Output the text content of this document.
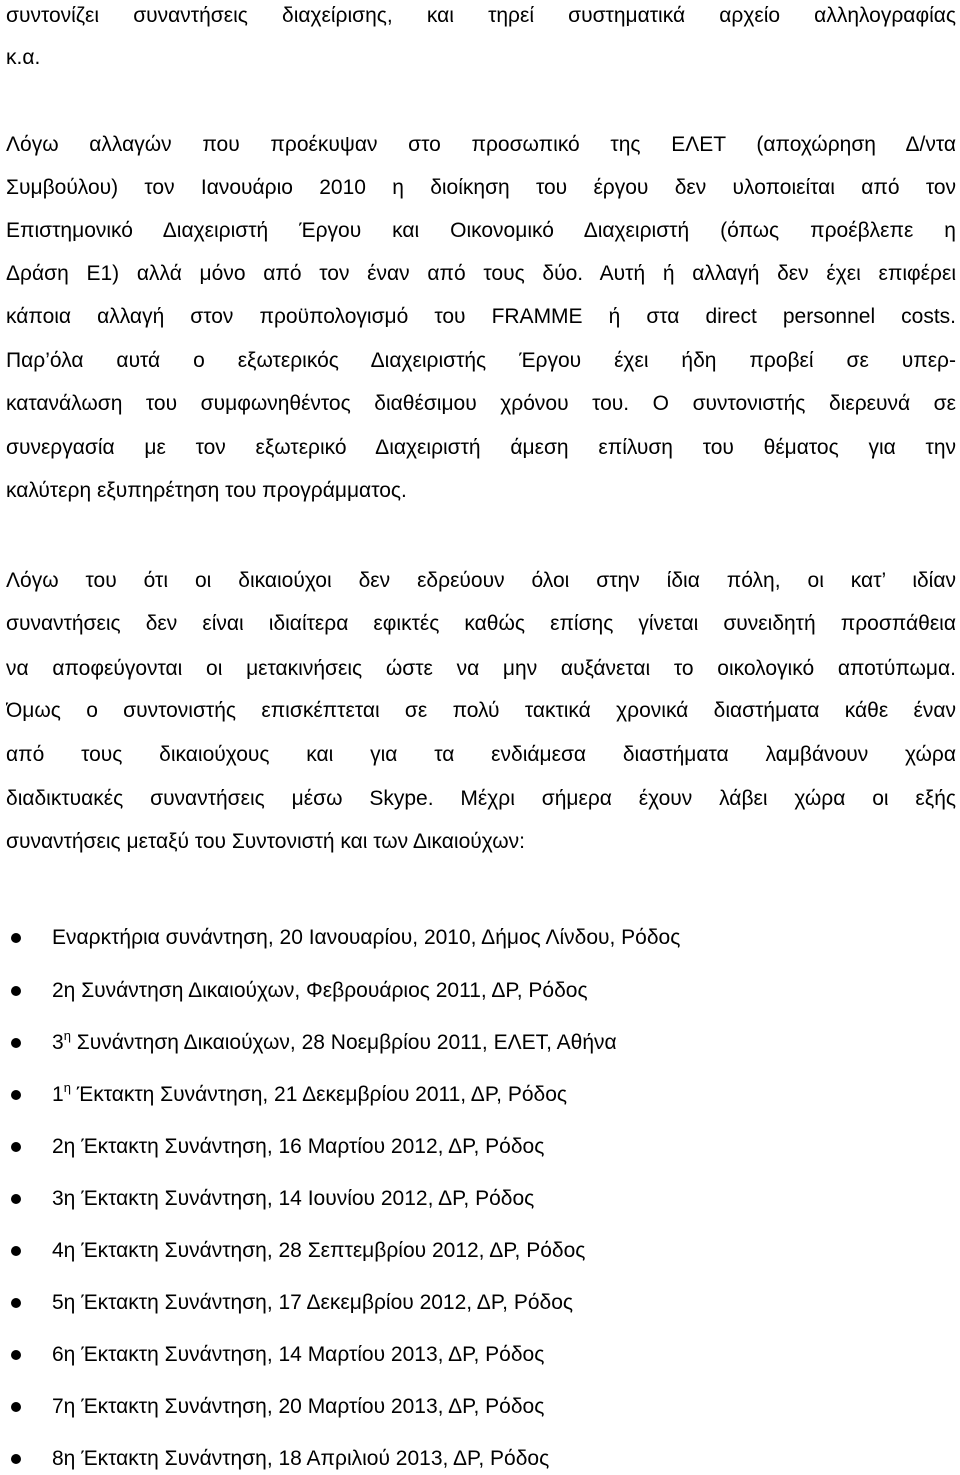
συντονίζει συναντήσεις διαχείρισης, και τηρεί συστηματικά αρχείο αλληλογραφίας
κ.α.
Λόγω αλλαγών που προέκυψαν στο προσωπικό της ΕΛΕΤ (αποχώρηση Δ/ντα
Συμβούλου) τον Ιανουάριο 2010 η διοίκηση του έργου δεν υλοποιείται από τον
Επιστημονικό Διαχειριστή Έργου και Οικονομικό Διαχειριστή (όπως προέβλεπε η
Δράση Ε1) αλλά μόνο από τον έναν από τους δύο. Αυτή ή αλλαγή δεν έχει επιφέρει
κάποια αλλαγή στον προϋπολογισμό του FRAMME ή στα direct personnel costs.
Παρ’όλα αυτά ο εξωτερικός Διαχειριστής Έργου έχει ήδη προβεί σε υπερ-
κατανάλωση του συμφωνηθέντος διαθέσιμου χρόνου του. Ο συντονιστής διερευνά σε
συνεργασία με τον εξωτερικό Διαχειριστή άμεση επίλυση του θέματος για την
καλύτερη εξυπηρέτηση του προγράμματος.
Λόγω του ότι οι δικαιούχοι δεν εδρεύουν όλοι στην ίδια πόλη, οι κατ’ ιδίαν
συναντήσεις δεν είναι ιδιαίτερα εφικτές καθώς επίσης γίνεται συνειδητή προσπάθεια
να αποφεύγονται οι μετακινήσεις ώστε να μην αυξάνεται το οικολογικό αποτύπωμα.
Όμως ο συντονιστής επισκέπτεται σε πολύ τακτικά χρονικά διαστήματα κάθε έναν
από τους δικαιούχους και για τα ενδιάμεσα διαστήματα λαμβάνουν χώρα
διαδικτυακές συναντήσεις μέσω Skype. Μέχρι σήμερα έχουν λάβει χώρα οι εξής
συναντήσεις μεταξύ του Συντονιστή και των Δικαιούχων:
Εναρκτήρια συνάντηση, 20 Ιανουαρίου, 2010, Δήμος Λίνδου, Ρόδος
2η Συνάντηση Δικαιούχων, Φεβρουάριος 2011, ΔΡ, Ρόδος
$3^\eta$ Συνάντηση Δικαιούχων, 28 Νοεμβρίου 2011, ΕΛΕΤ, Αθήνα
$1^\eta$ Έκτακτη Συνάντηση, 21 Δεκεμβρίου 2011, ΔΡ, Ρόδος
2η Έκτακτη Συνάντηση, 16 Μαρτίου 2012, ΔΡ, Ρόδος
3η Έκτακτη Συνάντηση, 14 Ιουνίου 2012, ΔΡ, Ρόδος
4η Έκτακτη Συνάντηση, 28 Σεπτεμβρίου 2012, ΔΡ, Ρόδος
5η Έκτακτη Συνάντηση, 17 Δεκεμβρίου 2012, ΔΡ, Ρόδος
6η Έκτακτη Συνάντηση, 14 Μαρτίου 2013, ΔΡ, Ρόδος
7η Έκτακτη Συνάντηση, 20 Μαρτίου 2013, ΔΡ, Ρόδος
8η Έκτακτη Συνάντηση, 18 Απριλιού 2013, ΔΡ, Ρόδος
